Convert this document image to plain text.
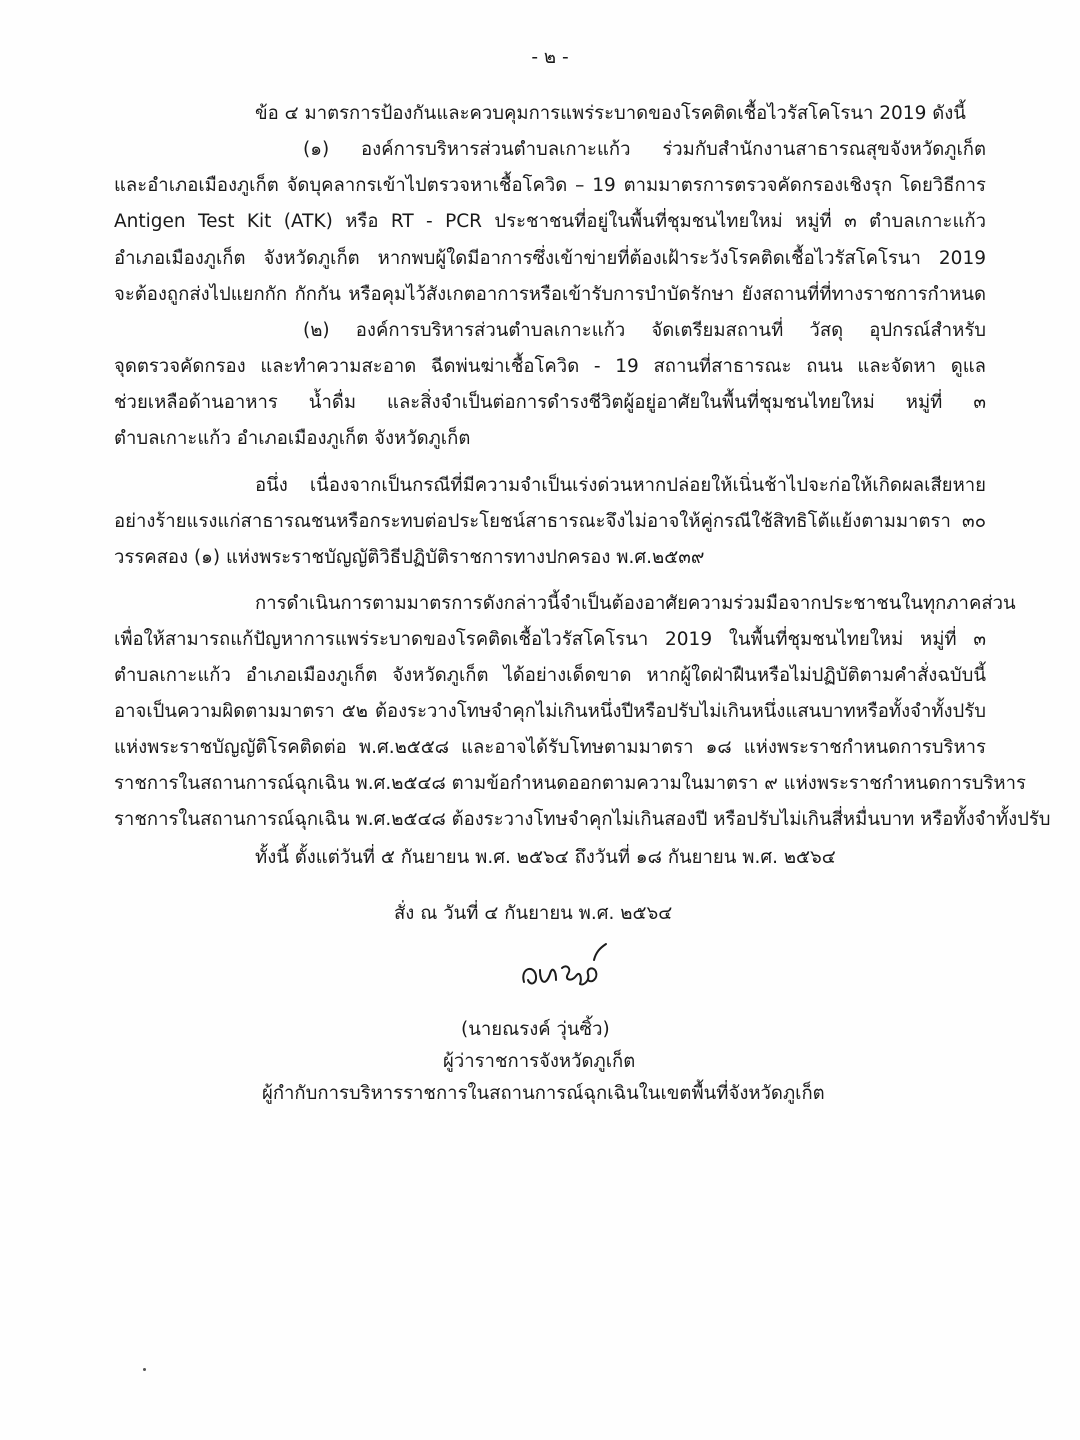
- ๒ -
ข้อ ๔ มาตรการป้องกันและควบคุมการแพร่ระบาดของโรคติดเชื้อไวรัสโคโรนา 2019 ดังนี้
(๑) องค์การบริหารส่วนตำบลเกาะแก้ว ร่วมกับสำนักงานสาธารณสุขจังหวัดภูเก็ต
และอำเภอเมืองภูเก็ต จัดบุคลากรเข้าไปตรวจหาเชื้อโควิด – 19 ตามมาตรการตรวจคัดกรองเชิงรุก โดยวิธีการ
Antigen Test Kit (ATK) หรือ RT - PCR ประชาชนที่อยู่ในพื้นที่ชุมชนไทยใหม่ หมู่ที่ ๓ ตำบลเกาะแก้ว
อำเภอเมืองภูเก็ต จังหวัดภูเก็ต หากพบผู้ใดมีอาการซึ่งเข้าข่ายที่ต้องเฝ้าระวังโรคติดเชื้อไวรัสโคโรนา 2019
จะต้องถูกส่งไปแยกกัก กักกัน หรือคุมไว้สังเกตอาการหรือเข้ารับการบำบัดรักษา ยังสถานที่ที่ทางราชการกำหนด
(๒) องค์การบริหารส่วนตำบลเกาะแก้ว จัดเตรียมสถานที่ วัสดุ อุปกรณ์สำหรับ
จุดตรวจคัดกรอง และทำความสะอาด ฉีดพ่นฆ่าเชื้อโควิด - 19 สถานที่สาธารณะ ถนน และจัดหา ดูแล
ช่วยเหลือด้านอาหาร น้ำดื่ม และสิ่งจำเป็นต่อการดำรงชีวิตผู้อยู่อาศัยในพื้นที่ชุมชนไทยใหม่ หมู่ที่ ๓
ตำบลเกาะแก้ว อำเภอเมืองภูเก็ต จังหวัดภูเก็ต
อนึ่ง เนื่องจากเป็นกรณีที่มีความจำเป็นเร่งด่วนหากปล่อยให้เนิ่นช้าไปจะก่อให้เกิดผลเสียหาย
อย่างร้ายแรงแก่สาธารณชนหรือกระทบต่อประโยชน์สาธารณะจึงไม่อาจให้คู่กรณีใช้สิทธิโต้แย้งตามมาตรา ๓๐
วรรคสอง (๑) แห่งพระราชบัญญัติวิธีปฏิบัติราชการทางปกครอง พ.ศ.๒๕๓๙
การดำเนินการตามมาตรการดังกล่าวนี้จำเป็นต้องอาศัยความร่วมมือจากประชาชนในทุกภาคส่วน
เพื่อให้สามารถแก้ปัญหาการแพร่ระบาดของโรคติดเชื้อไวรัสโคโรนา 2019 ในพื้นที่ชุมชนไทยใหม่ หมู่ที่ ๓
ตำบลเกาะแก้ว อำเภอเมืองภูเก็ต จังหวัดภูเก็ต ได้อย่างเด็ดขาด หากผู้ใดฝ่าฝืนหรือไม่ปฏิบัติตามคำสั่งฉบับนี้
อาจเป็นความผิดตามมาตรา ๕๒ ต้องระวางโทษจำคุกไม่เกินหนึ่งปีหรือปรับไม่เกินหนึ่งแสนบาทหรือทั้งจำทั้งปรับ
แห่งพระราชบัญญัติโรคติดต่อ พ.ศ.๒๕๕๘ และอาจได้รับโทษตามมาตรา ๑๘ แห่งพระราชกำหนดการบริหาร
ราชการในสถานการณ์ฉุกเฉิน พ.ศ.๒๕๔๘ ตามข้อกำหนดออกตามความในมาตรา ๙ แห่งพระราชกำหนดการบริหาร
ราชการในสถานการณ์ฉุกเฉิน พ.ศ.๒๕๔๘ ต้องระวางโทษจำคุกไม่เกินสองปี หรือปรับไม่เกินสี่หมื่นบาท หรือทั้งจำทั้งปรับ
ทั้งนี้ ตั้งแต่วันที่ ๕ กันยายน พ.ศ. ๒๕๖๔ ถึงวันที่ ๑๘ กันยายน พ.ศ. ๒๕๖๔
สั่ง ณ วันที่ ๔ กันยายน พ.ศ. ๒๕๖๔
(นายณรงค์ วุ่นซิ้ว)
ผู้ว่าราชการจังหวัดภูเก็ต
ผู้กำกับการบริหารราชการในสถานการณ์ฉุกเฉินในเขตพื้นที่จังหวัดภูเก็ต
